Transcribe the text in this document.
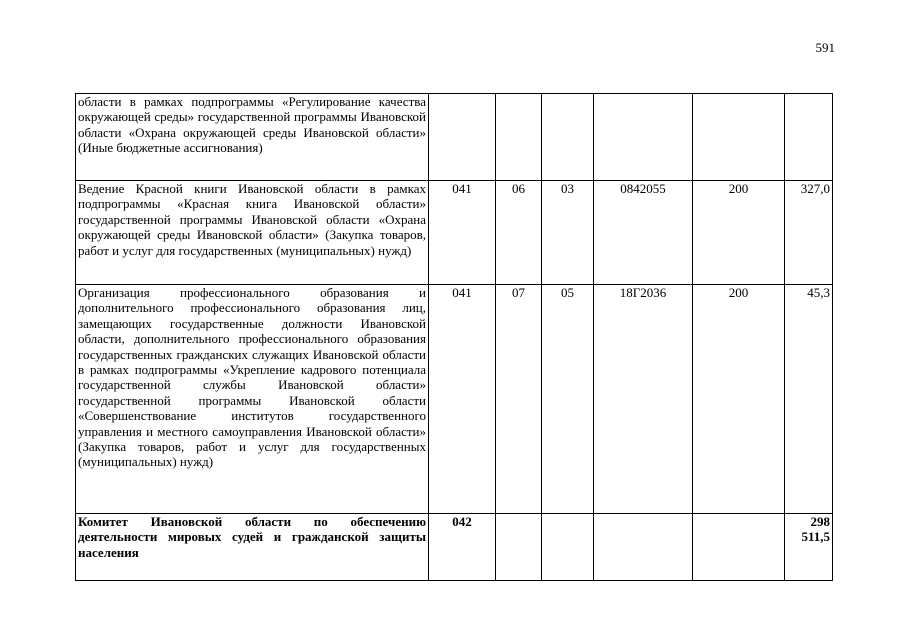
591
области в рамках подпрограммы «Регулирование качества окружающей среды» государственной программы Ивановской области «Охрана окружающей среды Ивановской области» (Иные бюджетные ассигнования)						
Ведение Красной книги Ивановской области в рамках подпрограммы «Красная книга Ивановской области» государственной программы Ивановской области «Охрана окружающей среды Ивановской области» (Закупка товаров, работ и услуг для государственных (муниципальных) нужд)	041	06	03	0842055	200	327,0
Организация профессионального образования и дополнительного профессионального образования лиц, замещающих государственные должности Ивановской области, дополнительного профессионального образования государственных гражданских служащих Ивановской области в рамках подпрограммы «Укрепление кадрового потенциала государственной службы Ивановской области» государственной программы Ивановской области «Совершенствование институтов государственного управления и местного самоуправления Ивановской области» (Закупка товаров, работ и услуг для государственных (муниципальных) нужд)	041	07	05	18Г2036	200	45,3
Комитет Ивановской области по обеспечению деятельности мировых судей и гражданской защиты населения	042					298 511,5
